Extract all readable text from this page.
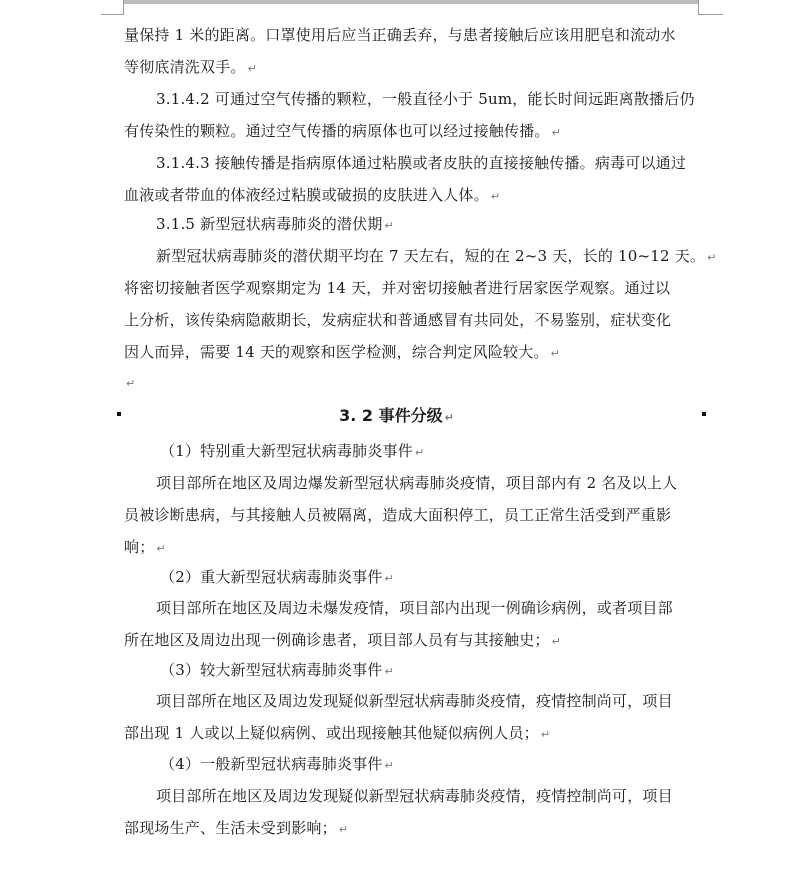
量保持 1 米的距离。口罩使用后应当正确丢弃，与患者接触后应该用肥皂和流动水
等彻底清洗双手。 ↵
3.1.4.2 可通过空气传播的颗粒，一般直径小于 5um，能长时间远距离散播后仍
有传染性的颗粒。通过空气传播的病原体也可以经过接触传播。 ↵
3.1.4.3 接触传播是指病原体通过粘膜或者皮肤的直接接触传播。病毒可以通过
血液或者带血的体液经过粘膜或破损的皮肤进入人体。 ↵
3.1.5 新型冠状病毒肺炎的潜伏期 ↵
新型冠状病毒肺炎的潜伏期平均在 7 天左右，短的在 2~3 天，长的 10~12 天。 ↵
将密切接触者医学观察期定为 14 天，并对密切接触者进行居家医学观察。通过以
上分析，该传染病隐蔽期长，发病症状和普通感冒有共同处，不易鉴别，症状变化
因人而异，需要 14 天的观察和医学检测，综合判定风险较大。 ↵
↵
3. 2 事件分级 ↵
（1）特别重大新型冠状病毒肺炎事件 ↵
项目部所在地区及周边爆发新型冠状病毒肺炎疫情，项目部内有 2 名及以上人
员被诊断患病，与其接触人员被隔离，造成大面积停工，员工正常生活受到严重影
响； ↵
（2）重大新型冠状病毒肺炎事件 ↵
项目部所在地区及周边未爆发疫情，项目部内出现一例确诊病例，或者项目部
所在地区及周边出现一例确诊患者，项目部人员有与其接触史； ↵
（3）较大新型冠状病毒肺炎事件 ↵
项目部所在地区及周边发现疑似新型冠状病毒肺炎疫情，疫情控制尚可，项目
部出现 1 人或以上疑似病例、或出现接触其他疑似病例人员； ↵
（4）一般新型冠状病毒肺炎事件 ↵
项目部所在地区及周边发现疑似新型冠状病毒肺炎疫情，疫情控制尚可，项目
部现场生产、生活未受到影响； ↵
